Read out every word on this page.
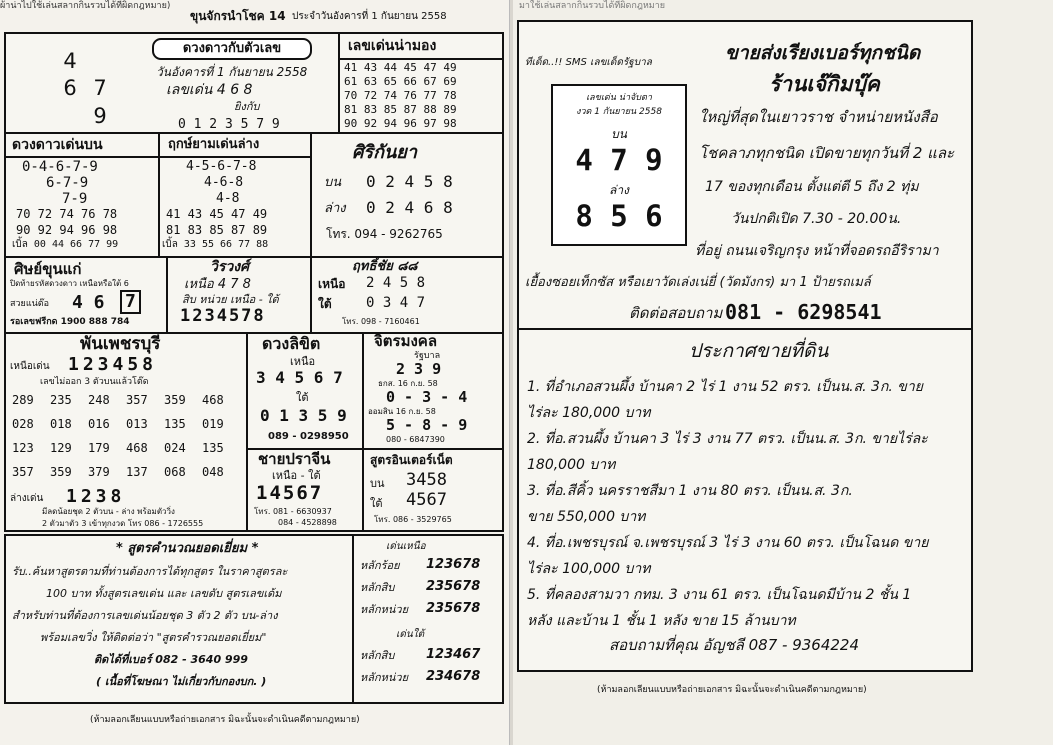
ผ้าน่าไปใช้เล่นสลากกินรวบได้ที่ผิดกฎหมาย)
ขุนจักรนำโชค 14 ประจำวันอังคารที่ 1 กันยายน 2558
4
6 7
9
ดวงดาวกับตัวเลข
วันอังคารที่ 1 กันยายน 2558
เลขเด่น 4 6 8
ยิงกับ
0 1 2 3 5 7 9
เลขเด่นน่ามอง
41 43 44 45 47 49
61 63 65 66 67 69
70 72 74 76 77 78
81 83 85 87 88 89
90 92 94 96 97 98
ดวงดาวเด่นบน
0-4-6-7-9
6-7-9
7-9
70 72 74 76 78
90 92 94 96 98
เบิ้ล 00 44 66 77 99
ฤกษ์ยามเด่นล่าง
4-5-6-7-8
4-6-8
4-8
41 43 45 47 49
81 83 85 87 89
เบิ้ล 33 55 66 77 88
ศิริกันยา
บน 0 2 4 5 8
ล่าง 0 2 4 6 8
โทร. 094 - 9262765
ศิษย์ขุนแก่
ปิดท้ายรหัสดวงดาว เหนือหรือใต้ 6
สวยแน่ต๊อ 4 6 7
รอเลขฟรีกด 1900 888 784
วิรวงศ์
เหนือ 4 7 8
สิบ หน่วย เหนือ - ใต้
1234578
ฤทธิ์ชัย ๘๘
เหนือ 2 4 5 8
ใต้ 0 3 4 7
โทร. 098 - 7160461
พันเพชรบุรี
เหนือเด่น 123458
เลขไม่ออก 3 ตัวบนแล้วโต๊ด
289 235 248 357 359 468
028 018 016 013 135 019
123 129 179 468 024 135
357 359 379 137 068 048
ล่างเด่น 1238
มีลดน้อยชุด 2 ตัวบน - ล่าง พร้อมตัววิ่ง
2 ตัวมาตัว 3 เข้าทุกงวด โทร 086 - 1726555
ดวงลิขิต
เหนือ
3 4 5 6 7
ใต้
0 1 3 5 9
089 - 0298950
จิตรมงคล
รัฐบาล
2 3 9
ธกส. 16 ก.ย. 58
0 - 3 - 4
ออมสิน 16 ก.ย. 58
5 - 8 - 9
080 - 6847390
ชายปราจีน
เหนือ - ใต้
14567
โทร. 081 - 6630937
084 - 4528898
สูตรอินเตอร์เน็ต
บน 3458
ใต้ 4567
โทร. 086 - 3529765
* สูตรคำนวณยอดเยี่ยม *
รับ..ค้นหาสูตรตามที่ท่านต้องการได้ทุกสูตร ในราคาสูตรละ
100 บาท ทั้งสูตรเลขเด่น และ เลขดับ สูตรเลขเด้ม
สำหรับท่านที่ต้องการเลขเด่นน้อยชุด 3 ตัว 2 ตัว บน-ล่าง
พร้อมเลขวิ่ง ให้ติดต่อว่า "สูตรคำรวณยอดเยี่ยม"
ติดได้ที่เบอร์ 082 - 3640 999
( เนื้อที่โฆษณา ไม่เกี่ยวกับกองบก. )
เด่นเหนือ
หลักร้อย 123678
หลักสิบ 235678
หลักหน่วย 235678
เด่นใต้
หลักสิบ 123467
หลักหน่วย 234678
(ห้ามลอกเลียนแบบหรือถ่ายเอกสาร มิฉะนั้นจะดำเนินคดีตามกฎหมาย)
มาใช้เล่นสลากกินรวบได้ที่ผิดกฎหมาย
ทีเด็ด..!! SMS เลขเด็ดรัฐบาล
เลขเด่น น่าจับตา
งวด 1 กันยายน 2558
บน
4 7 9
ล่าง
8 5 6
ขายส่งเรียงเบอร์ทุกชนิด
ร้านเจ๊กิมบุ๊ค
ใหญ่ที่สุดในเยาวราช จำหน่ายหนังสือ
โชคลาภทุกชนิด เปิดขายทุกวันที่ 2 และ
17 ของทุกเดือน ตั้งแต่ตี 5 ถึง 2 ทุ่ม
วันปกติเปิด 7.30 - 20.00น.
ที่อยู่ ถนนเจริญกรุง หน้าที่จอดรถอีริรามา
เยื้องซอยเท็กซัส หรือเยาวัดเล่งเน่ยี่ (วัดมังกร) มา 1 ป้ายรถเมล์
ติดต่อสอบถาม 081 - 6298541
ประกาศขายที่ดิน
1. ที่อำเภอสวนผึ้ง บ้านคา 2 ไร่ 1 งาน 52 ตรว. เป็นน.ส. 3ก. ขาย
ไร่ละ 180,000 บาท
2. ที่อ.สวนผึ้ง บ้านคา 3 ไร่ 3 งาน 77 ตรว. เป็นน.ส. 3ก. ขายไร่ละ
180,000 บาท
3. ที่อ.สีคิ้ว นครราชสีมา 1 งาน 80 ตรว. เป็นน.ส. 3ก.
ขาย 550,000 บาท
4. ที่อ.เพชรบุรณ์ จ.เพชรบุรณ์ 3 ไร่ 3 งาน 60 ตรว. เป็นโฉนด ขาย
ไร่ละ 100,000 บาท
5. ที่คลองสามวา กทม. 3 งาน 61 ตรว. เป็นโฉนดมีบ้าน 2 ชั้น 1
หลัง และบ้าน 1 ชั้น 1 หลัง ขาย 15 ล้านบาท
สอบถามที่คุณ อัญชลี 087 - 9364224
(ห้ามลอกเลียนแบบหรือถ่ายเอกสาร มิฉะนั้นจะดำเนินคดีตามกฎหมาย)
